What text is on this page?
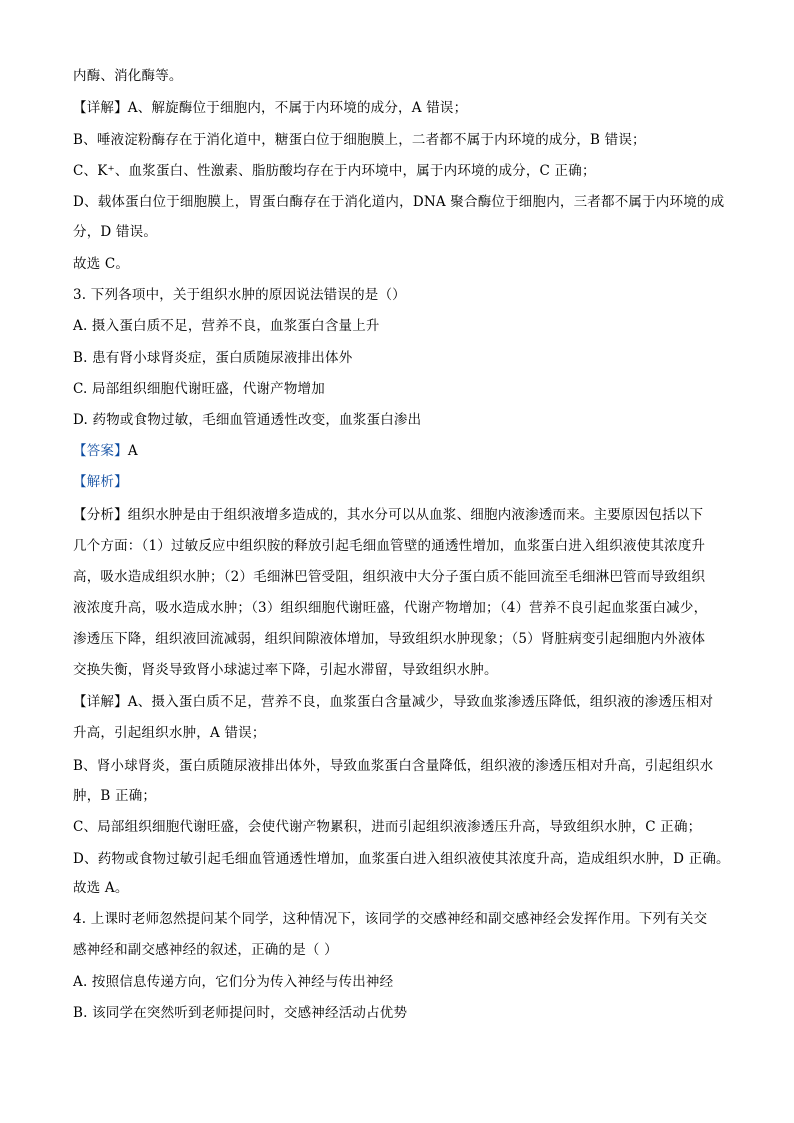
内酶、消化酶等。
【详解】A、解旋酶位于细胞内，不属于内环境的成分，A 错误；
B、唾液淀粉酶存在于消化道中，糖蛋白位于细胞膜上，二者都不属于内环境的成分，B 错误；
C、K⁺、血浆蛋白、性激素、脂肪酸均存在于内环境中，属于内环境的成分，C 正确；
D、载体蛋白位于细胞膜上，胃蛋白酶存在于消化道内，DNA 聚合酶位于细胞内，三者都不属于内环境的成
分，D 错误。
故选 C。
3. 下列各项中，关于组织水肿的原因说法错误的是（）
A. 摄入蛋白质不足，营养不良，血浆蛋白含量上升
B. 患有肾小球肾炎症，蛋白质随尿液排出体外
C. 局部组织细胞代谢旺盛，代谢产物增加
D. 药物或食物过敏，毛细血管通透性改变，血浆蛋白渗出
【答案】A
【解析】
【分析】组织水肿是由于组织液增多造成的，其水分可以从血浆、细胞内液渗透而来。主要原因包括以下
几个方面：（1）过敏反应中组织胺的释放引起毛细血管壁的通透性增加，血浆蛋白进入组织液使其浓度升
高，吸水造成组织水肿；（2）毛细淋巴管受阻，组织液中大分子蛋白质不能回流至毛细淋巴管而导致组织
液浓度升高，吸水造成水肿；（3）组织细胞代谢旺盛，代谢产物增加；（4）营养不良引起血浆蛋白减少，
渗透压下降，组织液回流减弱，组织间隙液体增加，导致组织水肿现象；（5）肾脏病变引起细胞内外液体
交换失衡，肾炎导致肾小球滤过率下降，引起水滞留，导致组织水肿。
【详解】A、摄入蛋白质不足，营养不良，血浆蛋白含量减少，导致血浆渗透压降低，组织液的渗透压相对
升高，引起组织水肿，A 错误；
B、肾小球肾炎，蛋白质随尿液排出体外，导致血浆蛋白含量降低，组织液的渗透压相对升高，引起组织水
肿，B 正确；
C、局部组织细胞代谢旺盛，会使代谢产物累积，进而引起组织液渗透压升高，导致组织水肿，C 正确；
D、药物或食物过敏引起毛细血管通透性增加，血浆蛋白进入组织液使其浓度升高，造成组织水肿，D 正确。
故选 A。
4. 上课时老师忽然提问某个同学，这种情况下，该同学的交感神经和副交感神经会发挥作用。下列有关交
感神经和副交感神经的叙述，正确的是（ ）
A. 按照信息传递方向，它们分为传入神经与传出神经
B. 该同学在突然听到老师提问时，交感神经活动占优势
